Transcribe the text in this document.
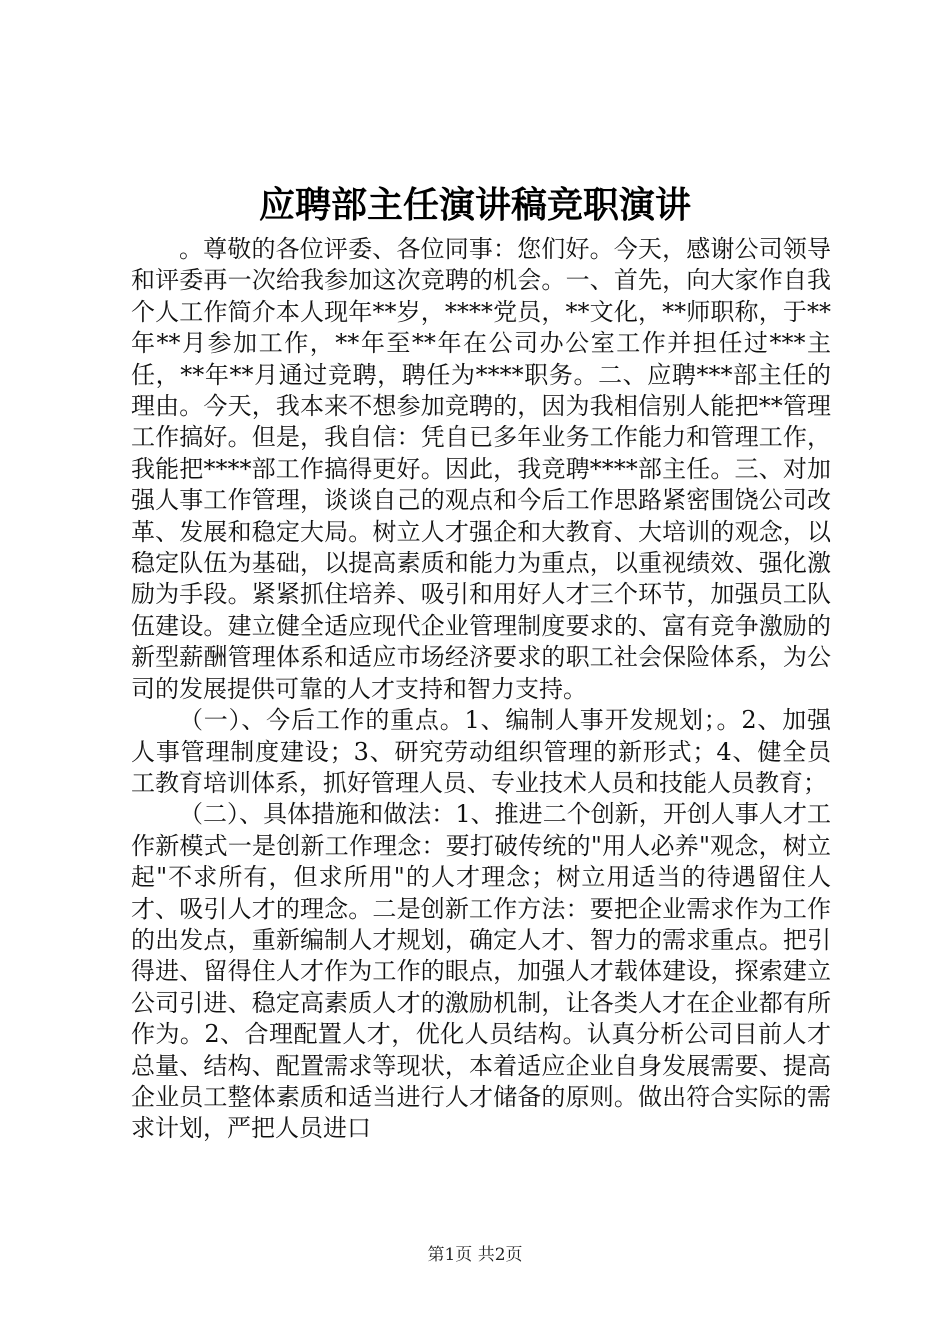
应聘部主任演讲稿竞职演讲

。尊敬的各位评委、各位同事：您们好。今天，感谢公司领导和评委再一次给我参加这次竞聘的机会。一、首先，向大家作自我个人工作简介本人现年**岁，****党员，**文化，**师职称，于**年**月参加工作，**年至**年在公司办公室工作并担任过***主任，**年**月通过竞聘，聘任为****职务。二、应聘***部主任的理由。今天，我本来不想参加竞聘的，因为我相信别人能把**管理工作搞好。但是，我自信：凭自已多年业务工作能力和管理工作，我能把****部工作搞得更好。因此，我竞聘****部主任。三、对加强人事工作管理，谈谈自己的观点和今后工作思路紧密围饶公司改革、发展和稳定大局。树立人才强企和大教育、大培训的观念，以稳定队伍为基础，以提高素质和能力为重点，以重视绩效、强化激励为手段。紧紧抓住培养、吸引和用好人才三个环节，加强员工队伍建设。建立健全适应现代企业管理制度要求的、富有竞争激励的新型薪酬管理体系和适应市场经济要求的职工社会保险体系，为公司的发展提供可靠的人才支持和智力支持。

（一）、今后工作的重点。1、编制人事开发规划；。2、加强人事管理制度建设；3、研究劳动组织管理的新形式；4、健全员工教育培训体系，抓好管理人员、专业技术人员和技能人员教育；

（二）、具体措施和做法：1、推进二个创新，开创人事人才工作新模式一是创新工作理念：要打破传统的"用人必养"观念，树立起"不求所有，但求所用"的人才理念；树立用适当的待遇留住人才、吸引人才的理念。二是创新工作方法：要把企业需求作为工作的出发点，重新编制人才规划，确定人才、智力的需求重点。把引得进、留得住人才作为工作的眼点，加强人才载体建设，探索建立公司引进、稳定高素质人才的激励机制，让各类人才在企业都有所作为。2、合理配置人才，优化人员结构。认真分析公司目前人才总量、结构、配置需求等现状，本着适应企业自身发展需要、提高企业员工整体素质和适当进行人才储备的原则。做出符合实际的需求计划，严把人员进口

第1页 共2页
